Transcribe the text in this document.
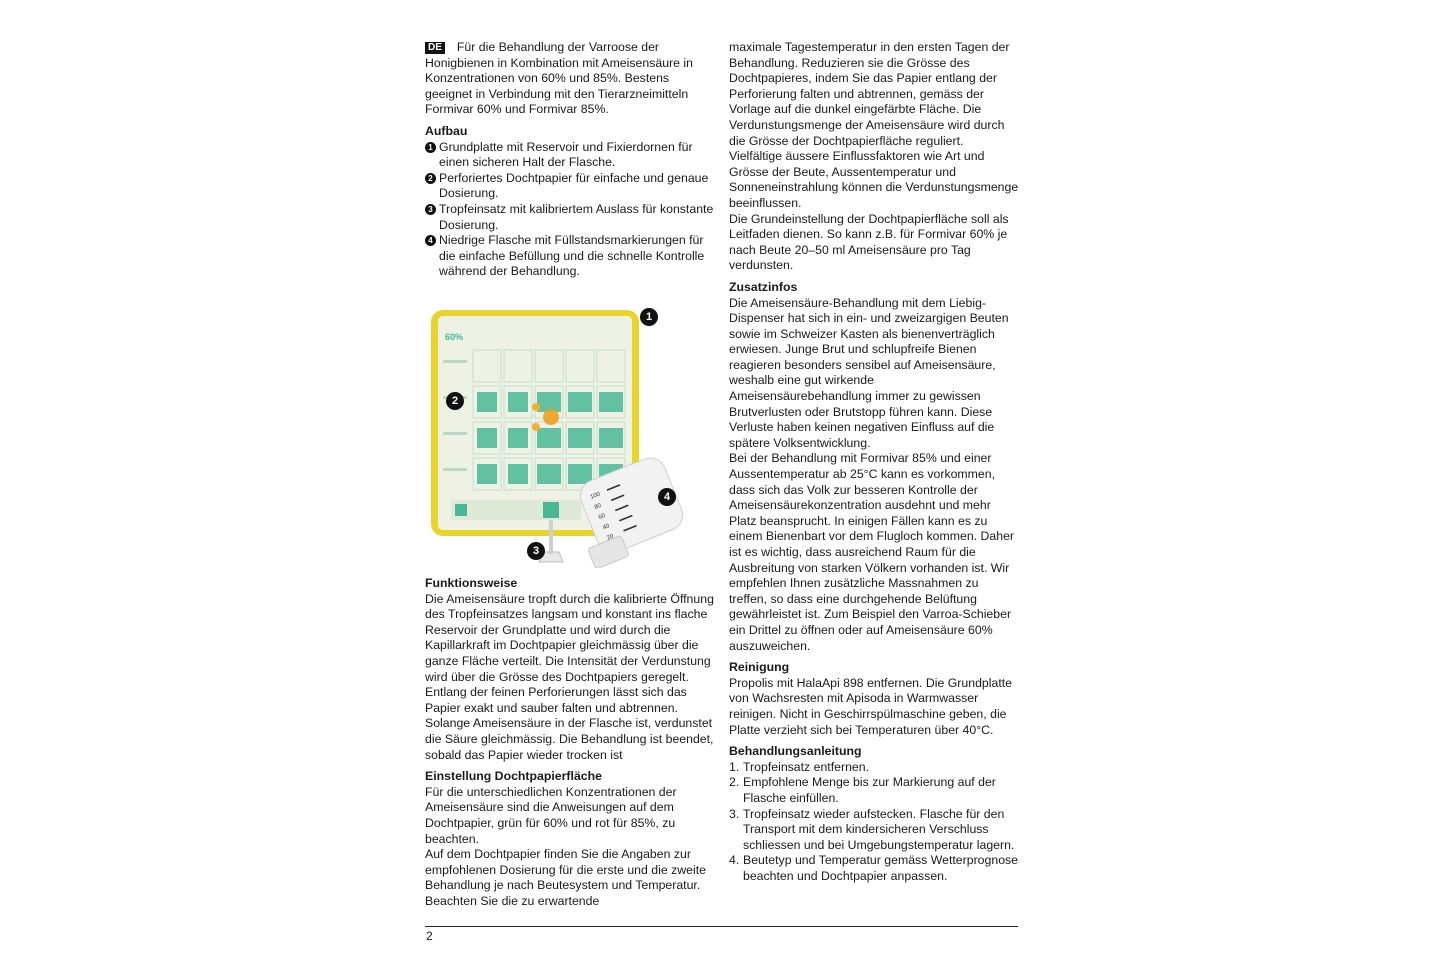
DE Für die Behandlung der Varroose der Honigbienen in Kombination mit Ameisensäure in Konzentrationen von 60% und 85%. Bestens geeignet in Verbindung mit den Tierarzneimitteln Formivar 60% und Formivar 85%.

Aufbau
1 Grundplatte mit Reservoir und Fixierdornen für einen sicheren Halt der Flasche.
2 Perforiertes Dochtpapier für einfache und genaue Dosierung.
3 Tropfeinsatz mit kalibriertem Auslass für konstante Dosierung.
4 Niedrige Flasche mit Füllstandsmarkierungen für die einfache Befüllung und die schnelle Kontrolle während der Behandlung.
60%
100
80
60
40
20
1
2
3
4
Funktionsweise

Die Ameisensäure tropft durch die kalibrierte Öffnung des Tropfeinsatzes langsam und konstant ins flache Reservoir der Grundplatte und wird durch die Kapillarkraft im Dochtpapier gleichmässig über die ganze Fläche verteilt. Die Intensität der Verdunstung wird über die Grösse des Dochtpapiers geregelt. Entlang der feinen Perforierungen lässt sich das Papier exakt und sauber falten und abtrennen. Solange Ameisensäure in der Flasche ist, verdunstet die Säure gleichmässig. Die Behandlung ist beendet, sobald das Papier wieder trocken ist

Einstellung Dochtpapierfläche

Für die unterschiedlichen Konzentrationen der Ameisensäure sind die Anweisungen auf dem Dochtpapier, grün für 60% und rot für 85%, zu beachten.

Auf dem Dochtpapier finden Sie die Angaben zur empfohlenen Dosierung für die erste und die zweite Behandlung je nach Beutesystem und Temperatur. Beachten Sie die zu erwartende

maximale Tagestemperatur in den ersten Tagen der Behandlung. Reduzieren sie die Grösse des Dochtpapieres, indem Sie das Papier entlang der Perforierung falten und abtrennen, gemäss der Vorlage auf die dunkel eingefärbte Fläche. Die Verdunstungsmenge der Ameisensäure wird durch die Grösse der Dochtpapierfläche reguliert. Vielfältige äussere Einflussfaktoren wie Art und Grösse der Beute, Aussentemperatur und Sonneneinstrahlung können die Verdunstungsmenge beeinflussen.

Die Grundeinstellung der Dochtpapierfläche soll als Leitfaden dienen. So kann z.B. für Formivar 60% je nach Beute 20–50 ml Ameisensäure pro Tag verdunsten.

Zusatzinfos

Die Ameisensäure-Behandlung mit dem Liebig-Dispenser hat sich in ein- und zweizargigen Beuten sowie im Schweizer Kasten als bienenverträglich erwiesen. Junge Brut und schlupfreife Bienen reagieren besonders sensibel auf Ameisensäure, weshalb eine gut wirkende Ameisensäurebehandlung immer zu gewissen Brutverlusten oder Brutstopp führen kann. Diese Verluste haben keinen negativen Einfluss auf die spätere Volksentwicklung.

Bei der Behandlung mit Formivar 85% und einer Aussentemperatur ab 25°C kann es vorkommen, dass sich das Volk zur besseren Kontrolle der Ameisensäurekonzentration ausdehnt und mehr Platz beansprucht. In einigen Fällen kann es zu einem Bienenbart vor dem Flugloch kommen. Daher ist es wichtig, dass ausreichend Raum für die Ausbreitung von starken Völkern vorhanden ist. Wir empfehlen Ihnen zusätzliche Massnahmen zu treffen, so dass eine durchgehende Belüftung gewährleistet ist. Zum Beispiel den Varroa-Schieber ein Drittel zu öffnen oder auf Ameisensäure 60% auszuweichen.

Reinigung

Propolis mit HalaApi 898 entfernen. Die Grundplatte von Wachsresten mit Apisoda in Warmwasser reinigen. Nicht in Geschirrspülmaschine geben, die Platte verzieht sich bei Temperaturen über 40°C.

Behandlungsanleitung
1. Tropfeinsatz entfernen.
2. Empfohlene Menge bis zur Markierung auf der Flasche einfüllen.
3. Tropfeinsatz wieder aufstecken. Flasche für den Transport mit dem kindersicheren Verschluss schliessen und bei Umgebungstemperatur lagern.
4. Beutetyp und Temperatur gemäss Wetterprognose beachten und Dochtpapier anpassen.
2
